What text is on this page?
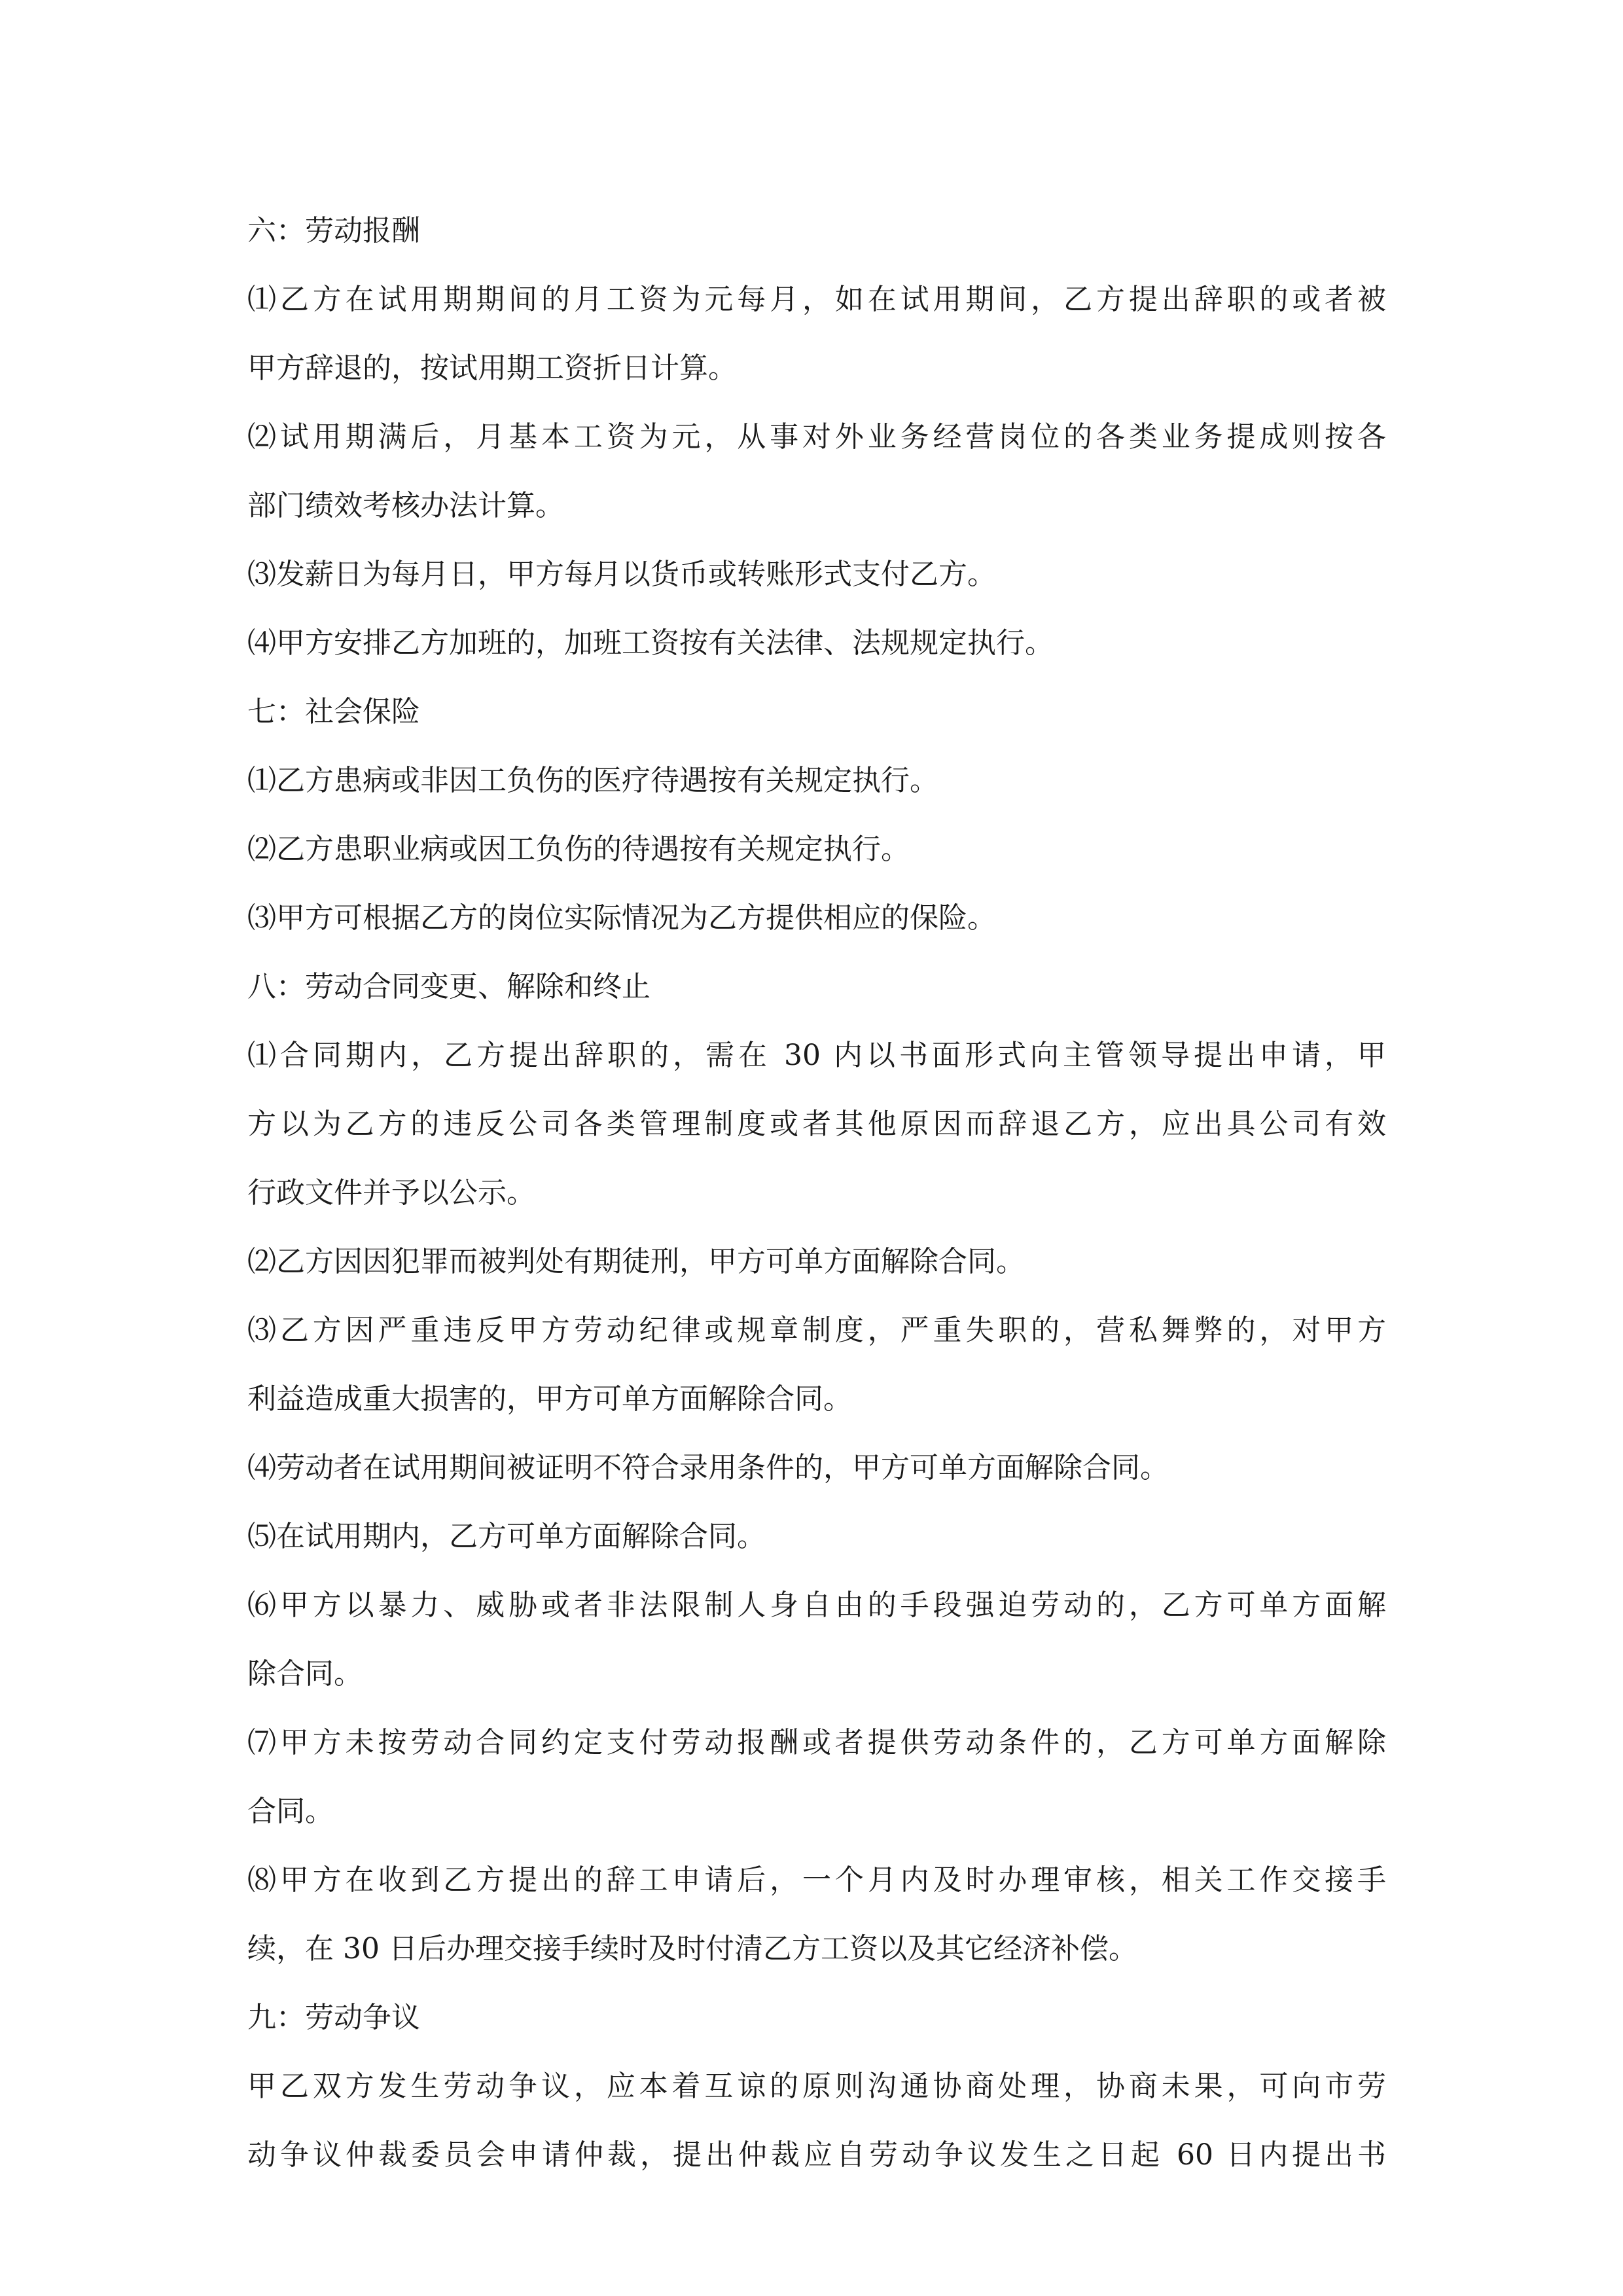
六：劳动报酬
⑴乙方在试用期期间的月工资为元每月，如在试用期间，乙方提出辞职的或者被
甲方辞退的，按试用期工资折日计算。
⑵试用期满后，月基本工资为元，从事对外业务经营岗位的各类业务提成则按各
部门绩效考核办法计算。
⑶发薪日为每月日，甲方每月以货币或转账形式支付乙方。
⑷甲方安排乙方加班的，加班工资按有关法律、法规规定执行。
七：社会保险
⑴乙方患病或非因工负伤的医疗待遇按有关规定执行。
⑵乙方患职业病或因工负伤的待遇按有关规定执行。
⑶甲方可根据乙方的岗位实际情况为乙方提供相应的保险。
八：劳动合同变更、解除和终止
⑴合同期内，乙方提出辞职的，需在 30 内以书面形式向主管领导提出申请，甲
方以为乙方的违反公司各类管理制度或者其他原因而辞退乙方，应出具公司有效
行政文件并予以公示。
⑵乙方因因犯罪而被判处有期徒刑，甲方可单方面解除合同。
⑶乙方因严重违反甲方劳动纪律或规章制度，严重失职的，营私舞弊的，对甲方
利益造成重大损害的，甲方可单方面解除合同。
⑷劳动者在试用期间被证明不符合录用条件的，甲方可单方面解除合同。
⑸在试用期内，乙方可单方面解除合同。
⑹甲方以暴力、威胁或者非法限制人身自由的手段强迫劳动的，乙方可单方面解
除合同。
⑺甲方未按劳动合同约定支付劳动报酬或者提供劳动条件的，乙方可单方面解除
合同。
⑻甲方在收到乙方提出的辞工申请后，一个月内及时办理审核，相关工作交接手
续，在 30 日后办理交接手续时及时付清乙方工资以及其它经济补偿。
九：劳动争议
甲乙双方发生劳动争议，应本着互谅的原则沟通协商处理，协商未果，可向市劳
动争议仲裁委员会申请仲裁，提出仲裁应自劳动争议发生之日起 60 日内提出书
